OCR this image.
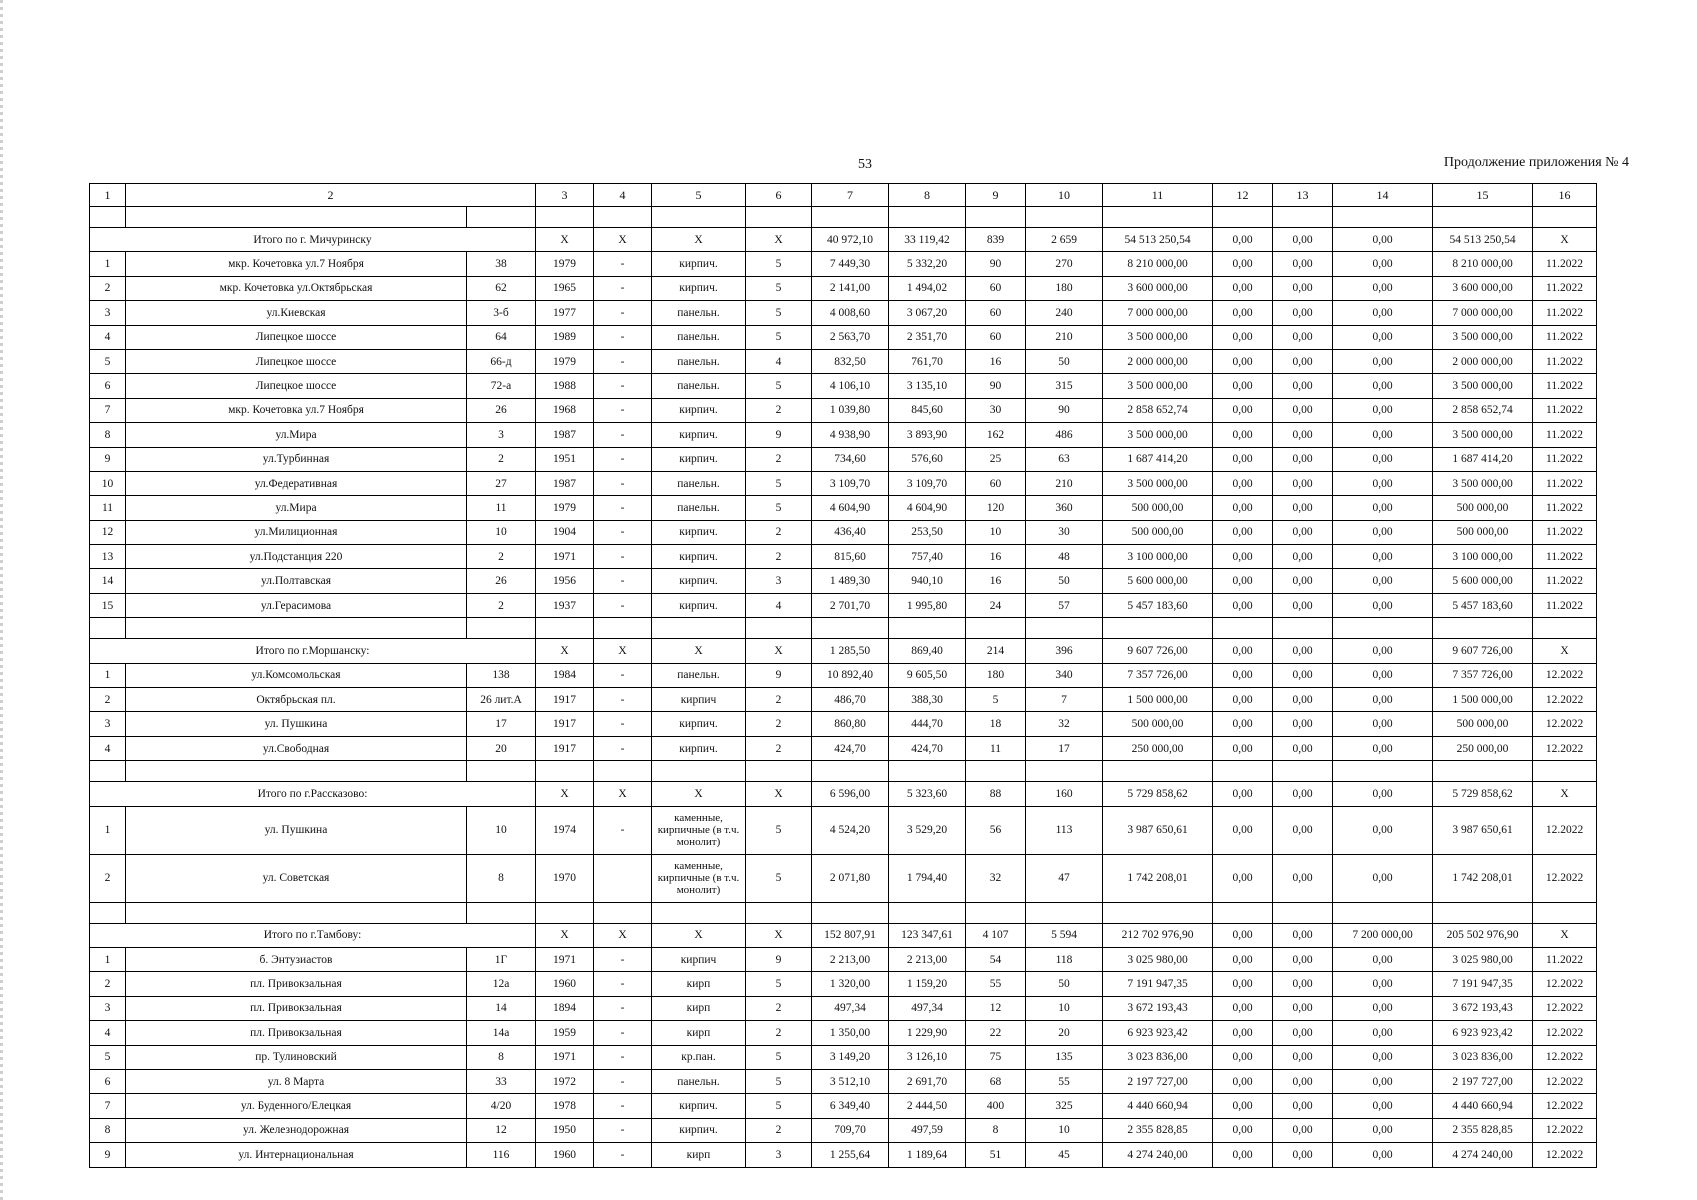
53	Продолжение приложения № 4
1	2		3	4	5	6	7	8	9	10	11	12	13	14	15	16

Итого по г. Мичуринску			X	X	X	X	40 972,10	33 119,42	839	2 659	54 513 250,54	0,00	0,00	0,00	54 513 250,54	X
1	мкр. Кочетовка ул.7 Ноября	38	1979	-	кирпич.	5	7 449,30	5 332,20	90	270	8 210 000,00	0,00	0,00	0,00	8 210 000,00	11.2022
2	мкр. Кочетовка ул.Октябрьская	62	1965	-	кирпич.	5	2 141,00	1 494,02	60	180	3 600 000,00	0,00	0,00	0,00	3 600 000,00	11.2022
3	ул.Киевская	3-б	1977	-	панельн.	5	4 008,60	3 067,20	60	240	7 000 000,00	0,00	0,00	0,00	7 000 000,00	11.2022
4	Липецкое шоссе	64	1989	-	панельн.	5	2 563,70	2 351,70	60	210	3 500 000,00	0,00	0,00	0,00	3 500 000,00	11.2022
5	Липецкое шоссе	66-д	1979	-	панельн.	4	832,50	761,70	16	50	2 000 000,00	0,00	0,00	0,00	2 000 000,00	11.2022
6	Липецкое шоссе	72-а	1988	-	панельн.	5	4 106,10	3 135,10	90	315	3 500 000,00	0,00	0,00	0,00	3 500 000,00	11.2022
7	мкр. Кочетовка ул.7 Ноября	26	1968	-	кирпич.	2	1 039,80	845,60	30	90	2 858 652,74	0,00	0,00	0,00	2 858 652,74	11.2022
8	ул.Мира	3	1987	-	кирпич.	9	4 938,90	3 893,90	162	486	3 500 000,00	0,00	0,00	0,00	3 500 000,00	11.2022
9	ул.Турбинная	2	1951	-	кирпич.	2	734,60	576,60	25	63	1 687 414,20	0,00	0,00	0,00	1 687 414,20	11.2022
10	ул.Федеративная	27	1987	-	панельн.	5	3 109,70	3 109,70	60	210	3 500 000,00	0,00	0,00	0,00	3 500 000,00	11.2022
11	ул.Мира	11	1979	-	панельн.	5	4 604,90	4 604,90	120	360	500 000,00	0,00	0,00	0,00	500 000,00	11.2022
12	ул.Милиционная	10	1904	-	кирпич.	2	436,40	253,50	10	30	500 000,00	0,00	0,00	0,00	500 000,00	11.2022
13	ул.Подстанция 220	2	1971	-	кирпич.	2	815,60	757,40	16	48	3 100 000,00	0,00	0,00	0,00	3 100 000,00	11.2022
14	ул.Полтавская	26	1956	-	кирпич.	3	1 489,30	940,10	16	50	5 600 000,00	0,00	0,00	0,00	5 600 000,00	11.2022
15	ул.Герасимова	2	1937	-	кирпич.	4	2 701,70	1 995,80	24	57	5 457 183,60	0,00	0,00	0,00	5 457 183,60	11.2022

Итого по г.Моршанску:			X	X	X	X	1 285,50	869,40	214	396	9 607 726,00	0,00	0,00	0,00	9 607 726,00	X
1	ул.Комсомольская	138	1984	-	панельн.	9	10 892,40	9 605,50	180	340	7 357 726,00	0,00	0,00	0,00	7 357 726,00	12.2022
2	Октябрьская пл.	26 лит.А	1917	-	кирпич	2	486,70	388,30	5	7	1 500 000,00	0,00	0,00	0,00	1 500 000,00	12.2022
3	ул. Пушкина	17	1917	-	кирпич.	2	860,80	444,70	18	32	500 000,00	0,00	0,00	0,00	500 000,00	12.2022
4	ул.Свободная	20	1917	-	кирпич.	2	424,70	424,70	11	17	250 000,00	0,00	0,00	0,00	250 000,00	12.2022

Итого по г.Рассказово:			X	X	X	X	6 596,00	5 323,60	88	160	5 729 858,62	0,00	0,00	0,00	5 729 858,62	X
1	ул. Пушкина	10	1974	-	каменные, кирпичные (в т.ч. монолит)	5	4 524,20	3 529,20	56	113	3 987 650,61	0,00	0,00	0,00	3 987 650,61	12.2022
2	ул. Советская	8	1970		каменные, кирпичные (в т.ч. монолит)	5	2 071,80	1 794,40	32	47	1 742 208,01	0,00	0,00	0,00	1 742 208,01	12.2022

Итого по г.Тамбову:			X	X	X	X	152 807,91	123 347,61	4 107	5 594	212 702 976,90	0,00	0,00	7 200 000,00	205 502 976,90	X
1	б. Энтузиастов	1Г	1971	-	кирпич	9	2 213,00	2 213,00	54	118	3 025 980,00	0,00	0,00	0,00	3 025 980,00	11.2022
2	пл. Привокзальная	12а	1960	-	кирп	5	1 320,00	1 159,20	55	50	7 191 947,35	0,00	0,00	0,00	7 191 947,35	12.2022
3	пл. Привокзальная	14	1894	-	кирп	2	497,34	497,34	12	10	3 672 193,43	0,00	0,00	0,00	3 672 193,43	12.2022
4	пл. Привокзальная	14а	1959	-	кирп	2	1 350,00	1 229,90	22	20	6 923 923,42	0,00	0,00	0,00	6 923 923,42	12.2022
5	пр. Тулиновский	8	1971	-	кр.пан.	5	3 149,20	3 126,10	75	135	3 023 836,00	0,00	0,00	0,00	3 023 836,00	12.2022
6	ул. 8 Марта	33	1972	-	панельн.	5	3 512,10	2 691,70	68	55	2 197 727,00	0,00	0,00	0,00	2 197 727,00	12.2022
7	ул. Буденного/Елецкая	4/20	1978	-	кирпич.	5	6 349,40	2 444,50	400	325	4 440 660,94	0,00	0,00	0,00	4 440 660,94	12.2022
8	ул. Железнодорожная	12	1950	-	кирпич.	2	709,70	497,59	8	10	2 355 828,85	0,00	0,00	0,00	2 355 828,85	12.2022
9	ул. Интернациональная	116	1960	-	кирп	3	1 255,64	1 189,64	51	45	4 274 240,00	0,00	0,00	0,00	4 274 240,00	12.2022
